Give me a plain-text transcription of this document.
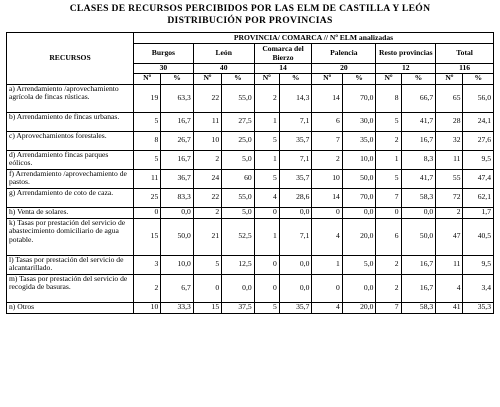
CLASES DE RECURSOS PERCIBIDOS POR LAS ELM DE CASTILLA Y LEÓN
DISTRIBUCIÓN POR PROVINCIAS
RECURSOS	PROVINCIA/ COMARCA // Nº ELM analizadas											
	Burgos		León		Comarca del Bierzo		Palencia		Resto provincias		Total	
	30		40		14		20		12		116	
	Nº	%	Nº	%	Nº	%	Nº	%	Nº	%	Nº	%
a) Arrendamiento /aprovechamiento agrícola de fincas rústicas.	19	63,3	22	55,0	2	14,3	14	70,0	8	66,7	65	56,0
b) Arrendamiento de fincas urbanas.	5	16,7	11	27,5	1	7,1	6	30,0	5	41,7	28	24,1
c) Aprovechamientos forestales.	8	26,7	10	25,0	5	35,7	7	35,0	2	16,7	32	27,6
d) Arrendamiento fincas parques eólicos.	5	16,7	2	5,0	1	7,1	2	10,0	1	8,3	11	9,5
f) Arrendamiento /aprovechamiento de pastos.	11	36,7	24	60	5	35,7	10	50,0	5	41,7	55	47,4
g) Arrendamiento de coto de caza.	25	83,3	22	55,0	4	28,6	14	70,0	7	58,3	72	62,1
h) Venta de solares.	0	0,0	2	5,0	0	0,0	0	0,0	0	0,0	2	1,7
k) Tasas por prestación del servicio de abastecimiento domiciliario de agua potable.	15	50,0	21	52,5	1	7,1	4	20,0	6	50,0	47	40,5
l) Tasas por prestación del servicio de alcantarillado.	3	10,0	5	12,5	0	0,0	1	5,0	2	16,7	11	9,5
m) Tasas por prestación del servicio de recogida de basuras.	2	6,7	0	0,0	0	0,0	0	0,0	2	16,7	4	3,4
n) Otros	10	33,3	15	37,5	5	35,7	4	20,0	7	58,3	41	35,3
